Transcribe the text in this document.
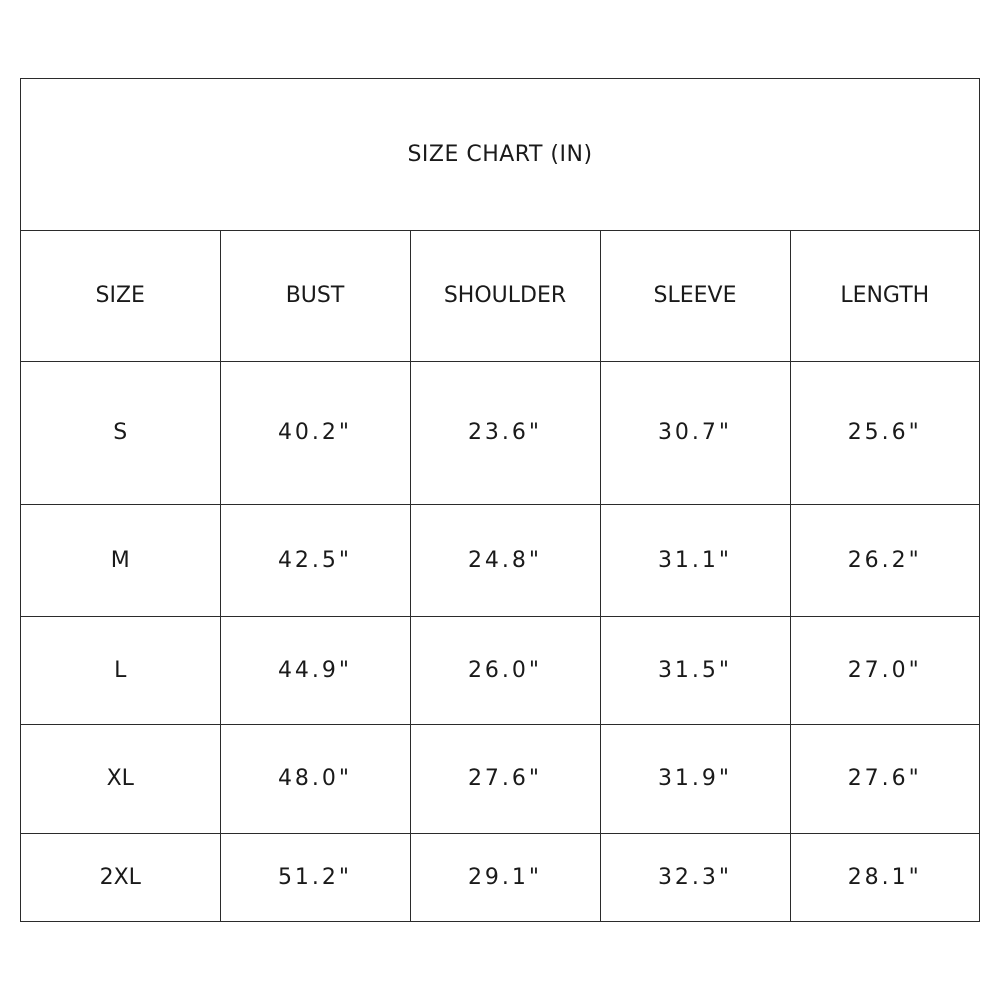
SIZE CHART (IN)
SIZE	BUST	SHOULDER	SLEEVE	LENGTH
S	40.2"	23.6"	30.7"	25.6"
M	42.5"	24.8"	31.1"	26.2"
L	44.9"	26.0"	31.5"	27.0"
XL	48.0"	27.6"	31.9"	27.6"
2XL	51.2"	29.1"	32.3"	28.1"
